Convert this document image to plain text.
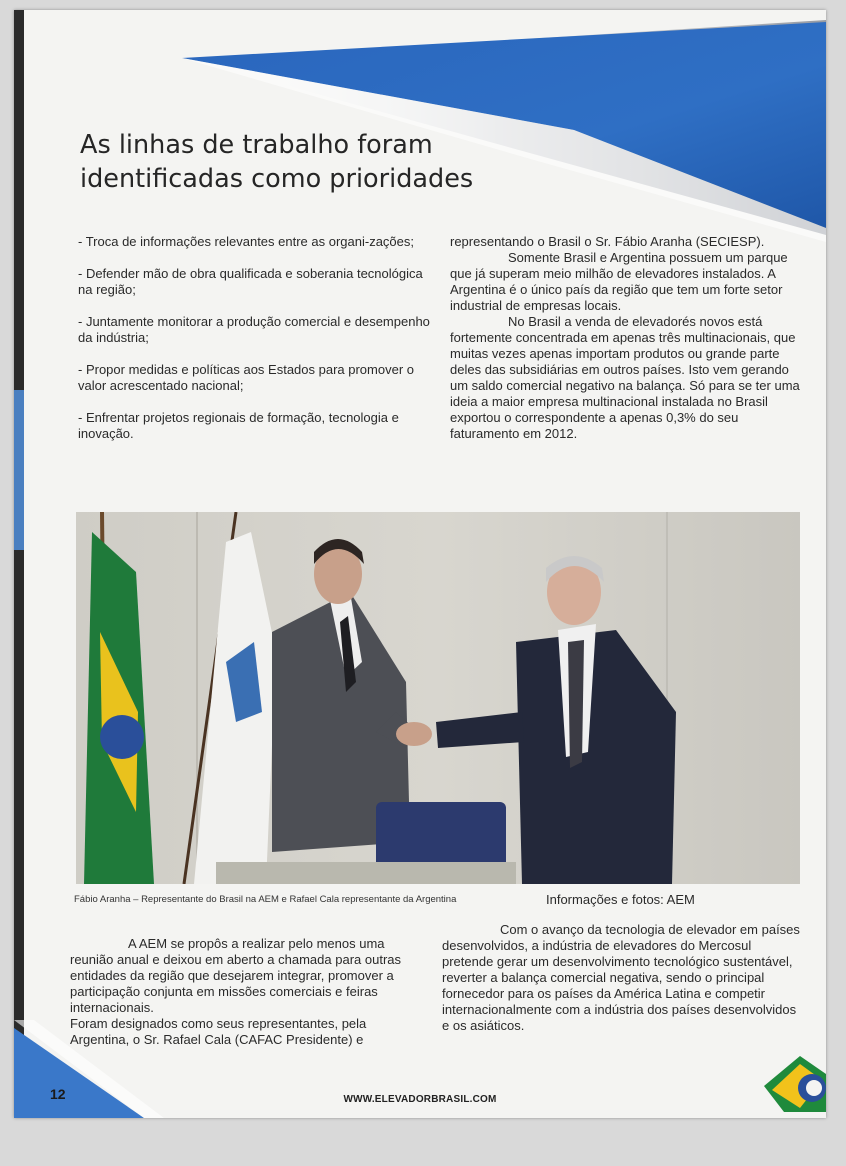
As linhas de trabalho foram
identificadas como prioridades

- Troca de informações relevantes entre as organi-zações;

- Defender mão de obra qualificada e soberania tecnológica na região;

- Juntamente monitorar a produção comercial e desempenho da indústria;

- Propor medidas e políticas aos Estados para promover o valor acrescentado nacional;

- Enfrentar projetos regionais de formação, tecnologia e inovação.

representando o Brasil o Sr. Fábio Aranha (SECIESP).

Somente Brasil e Argentina possuem um parque que já superam meio milhão de elevadores instalados. A Argentina é o único país da região que tem um forte setor industrial de empresas locais.

No Brasil a venda de elevadorés novos está fortemente concentrada em apenas três multinacionais, que muitas vezes apenas importam produtos ou grande parte deles das subsidiárias em outros países. Isto vem gerando um saldo comercial negativo na balança. Só para se ter uma ideia a maior empresa multinacional instalada no Brasil exportou o correspondente a apenas 0,3% do seu faturamento em 2012.

Fábio Aranha – Representante do Brasil na AEM e Rafael Cala representante da Argentina	Informações e fotos: AEM

A AEM se propôs a realizar pelo menos uma reunião anual e deixou em aberto a chamada para outras entidades da região que desejarem integrar, promover a participação conjunta em missões comerciais e feiras internacionais.

Foram designados como seus representantes, pela Argentina, o Sr. Rafael Cala (CAFAC Presidente) e

Com o avanço da tecnologia de elevador em países desenvolvidos, a indústria de elevadores do Mercosul pretende gerar um desenvolvimento tecnológico sustentável, reverter a balança comercial negativa, sendo o principal fornecedor para os países da América Latina e competir internacionalmente com a indústria dos países desenvolvidos e os asiáticos.

12	WWW.ELEVADORBRASIL.COM
